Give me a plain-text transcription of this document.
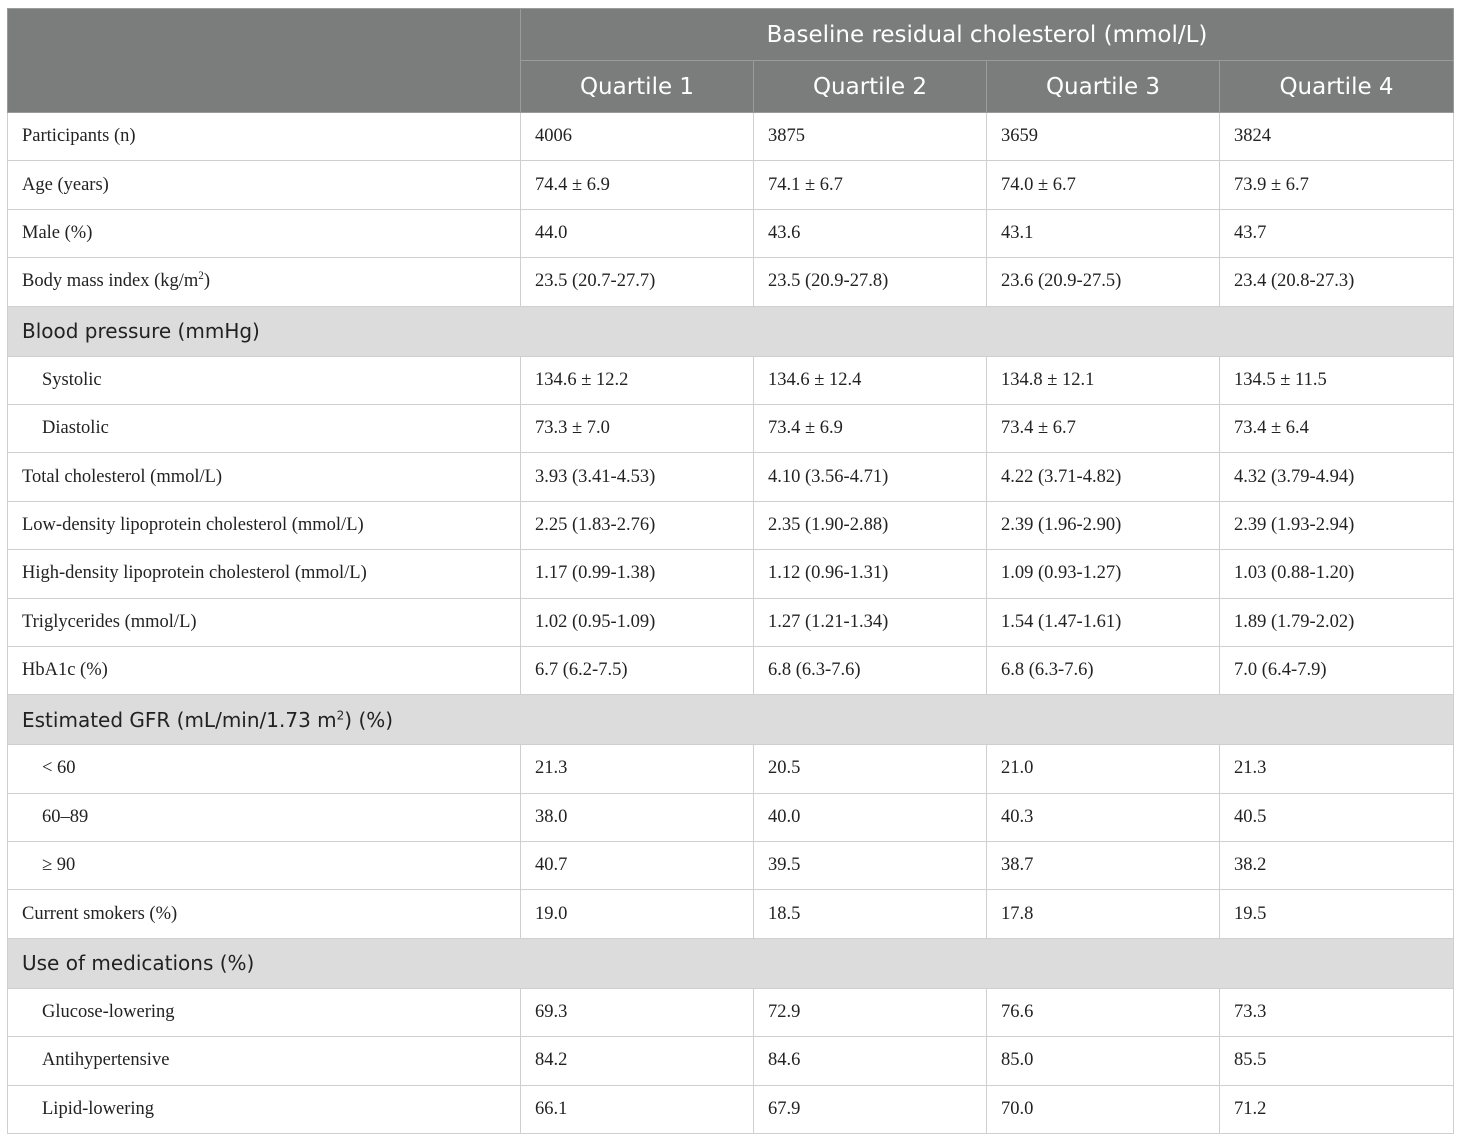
	Baseline residual cholesterol (mmol/L)			
	Quartile 1	Quartile 2	Quartile 3	Quartile 4
Participants (n)	4006	3875	3659	3824
Age (years)	74.4 ± 6.9	74.1 ± 6.7	74.0 ± 6.7	73.9 ± 6.7
Male (%)	44.0	43.6	43.1	43.7
Body mass index $(kg/m^2)$	23.5 (20.7-27.7)	23.5 (20.9-27.8)	23.6 (20.9-27.5)	23.4 (20.8-27.3)
Blood pressure (mmHg)				
Systolic	134.6 ± 12.2	134.6 ± 12.4	134.8 ± 12.1	134.5 ± 11.5
Diastolic	73.3 ± 7.0	73.4 ± 6.9	73.4 ± 6.7	73.4 ± 6.4
Total cholesterol (mmol/L)	3.93 (3.41-4.53)	4.10 (3.56-4.71)	4.22 (3.71-4.82)	4.32 (3.79-4.94)
Low-density lipoprotein cholesterol (mmol/L)	2.25 (1.83-2.76)	2.35 (1.90-2.88)	2.39 (1.96-2.90)	2.39 (1.93-2.94)
High-density lipoprotein cholesterol (mmol/L)	1.17 (0.99-1.38)	1.12 (0.96-1.31)	1.09 (0.93-1.27)	1.03 (0.88-1.20)
Triglycerides (mmol/L)	1.02 (0.95-1.09)	1.27 (1.21-1.34)	1.54 (1.47-1.61)	1.89 (1.79-2.02)
HbA1c (%)	6.7 (6.2-7.5)	6.8 (6.3-7.6)	6.8 (6.3-7.6)	7.0 (6.4-7.9)
Estimated GFR (mL/min/1.73 $m^2$) (%)				
< 60	21.3	20.5	21.0	21.3
60–89	38.0	40.0	40.3	40.5
≥ 90	40.7	39.5	38.7	38.2
Current smokers (%)	19.0	18.5	17.8	19.5
Use of medications (%)				
Glucose-lowering	69.3	72.9	76.6	73.3
Antihypertensive	84.2	84.6	85.0	85.5
Lipid-lowering	66.1	67.9	70.0	71.2
